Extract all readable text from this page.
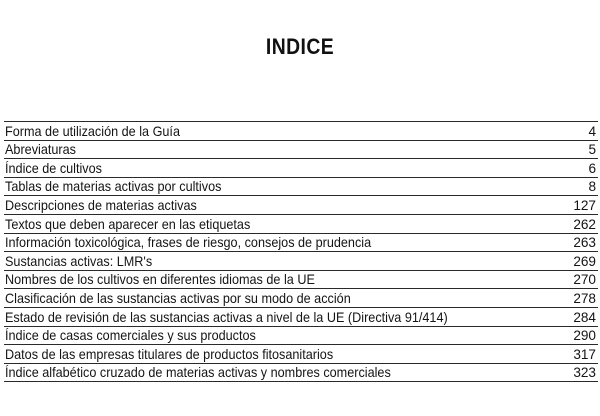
INDICE
Forma de utilización de la Guía	4
Abreviaturas	5
Índice de cultivos	6
Tablas de materias activas por cultivos	8
Descripciones de materias activas	127
Textos que deben aparecer en las etiquetas	262
Información toxicológica, frases de riesgo, consejos de prudencia	263
Sustancias activas: LMR's	269
Nombres de los cultivos en diferentes idiomas de la UE	270
Clasificación de las sustancias activas por su modo de acción	278
Estado de revisión de las sustancias activas a nivel de la UE (Directiva 91/414)	284
Índice de casas comerciales y sus productos	290
Datos de las empresas titulares de productos fitosanitarios	317
Índice alfabético cruzado de materias activas y nombres comerciales	323
